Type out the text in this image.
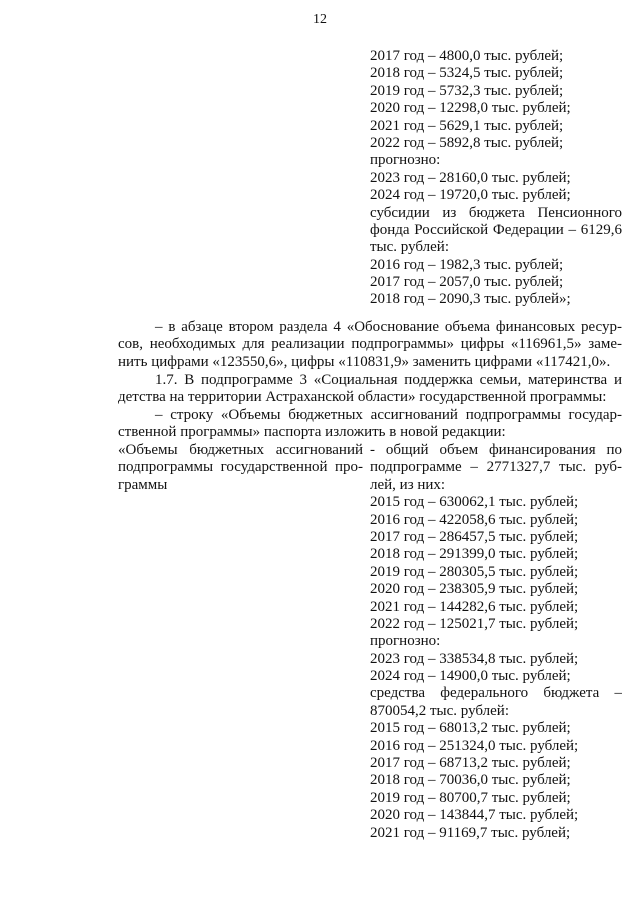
12
2017 год – 4800,0 тыс. рублей;
2018 год – 5324,5 тыс. рублей;
2019 год – 5732,3 тыс. рублей;
2020 год – 12298,0 тыс. рублей;
2021 год – 5629,1 тыс. рублей;
2022 год – 5892,8 тыс. рублей;
прогнозно:
2023 год – 28160,0 тыс. рублей;
2024 год – 19720,0 тыс. рублей;
субсидии из бюджета Пенсионного
фонда Российской Федерации – 6129,6
тыс. рублей:
2016 год – 1982,3 тыс. рублей;
2017 год – 2057,0 тыс. рублей;
2018 год – 2090,3 тыс. рублей»;
– в абзаце втором раздела 4 «Обоснование объема финансовых ресур-
сов, необходимых для реализации подпрограммы» цифры «116961,5» заме-
нить цифрами «123550,6», цифры «110831,9» заменить цифрами «117421,0».
1.7. В подпрограмме 3 «Социальная поддержка семьи, материнства и
детства на территории Астраханской области» государственной программы:
– строку «Объемы бюджетных ассигнований подпрограммы государ-
ственной программы» паспорта изложить в новой редакции:
«Объемы бюджетных ассигнований
подпрограммы государственной про-
граммы
- общий объем финансирования по
подпрограмме – 2771327,7 тыс. руб-
лей, из них:
2015 год – 630062,1 тыс. рублей;
2016 год – 422058,6 тыс. рублей;
2017 год – 286457,5 тыс. рублей;
2018 год – 291399,0 тыс. рублей;
2019 год – 280305,5 тыс. рублей;
2020 год – 238305,9 тыс. рублей;
2021 год – 144282,6 тыс. рублей;
2022 год – 125021,7 тыс. рублей;
прогнозно:
2023 год – 338534,8 тыс. рублей;
2024 год – 14900,0 тыс. рублей;
средства федерального бюджета –
870054,2 тыс. рублей:
2015 год – 68013,2 тыс. рублей;
2016 год – 251324,0 тыс. рублей;
2017 год – 68713,2 тыс. рублей;
2018 год – 70036,0 тыс. рублей;
2019 год – 80700,7 тыс. рублей;
2020 год – 143844,7 тыс. рублей;
2021 год – 91169,7 тыс. рублей;
